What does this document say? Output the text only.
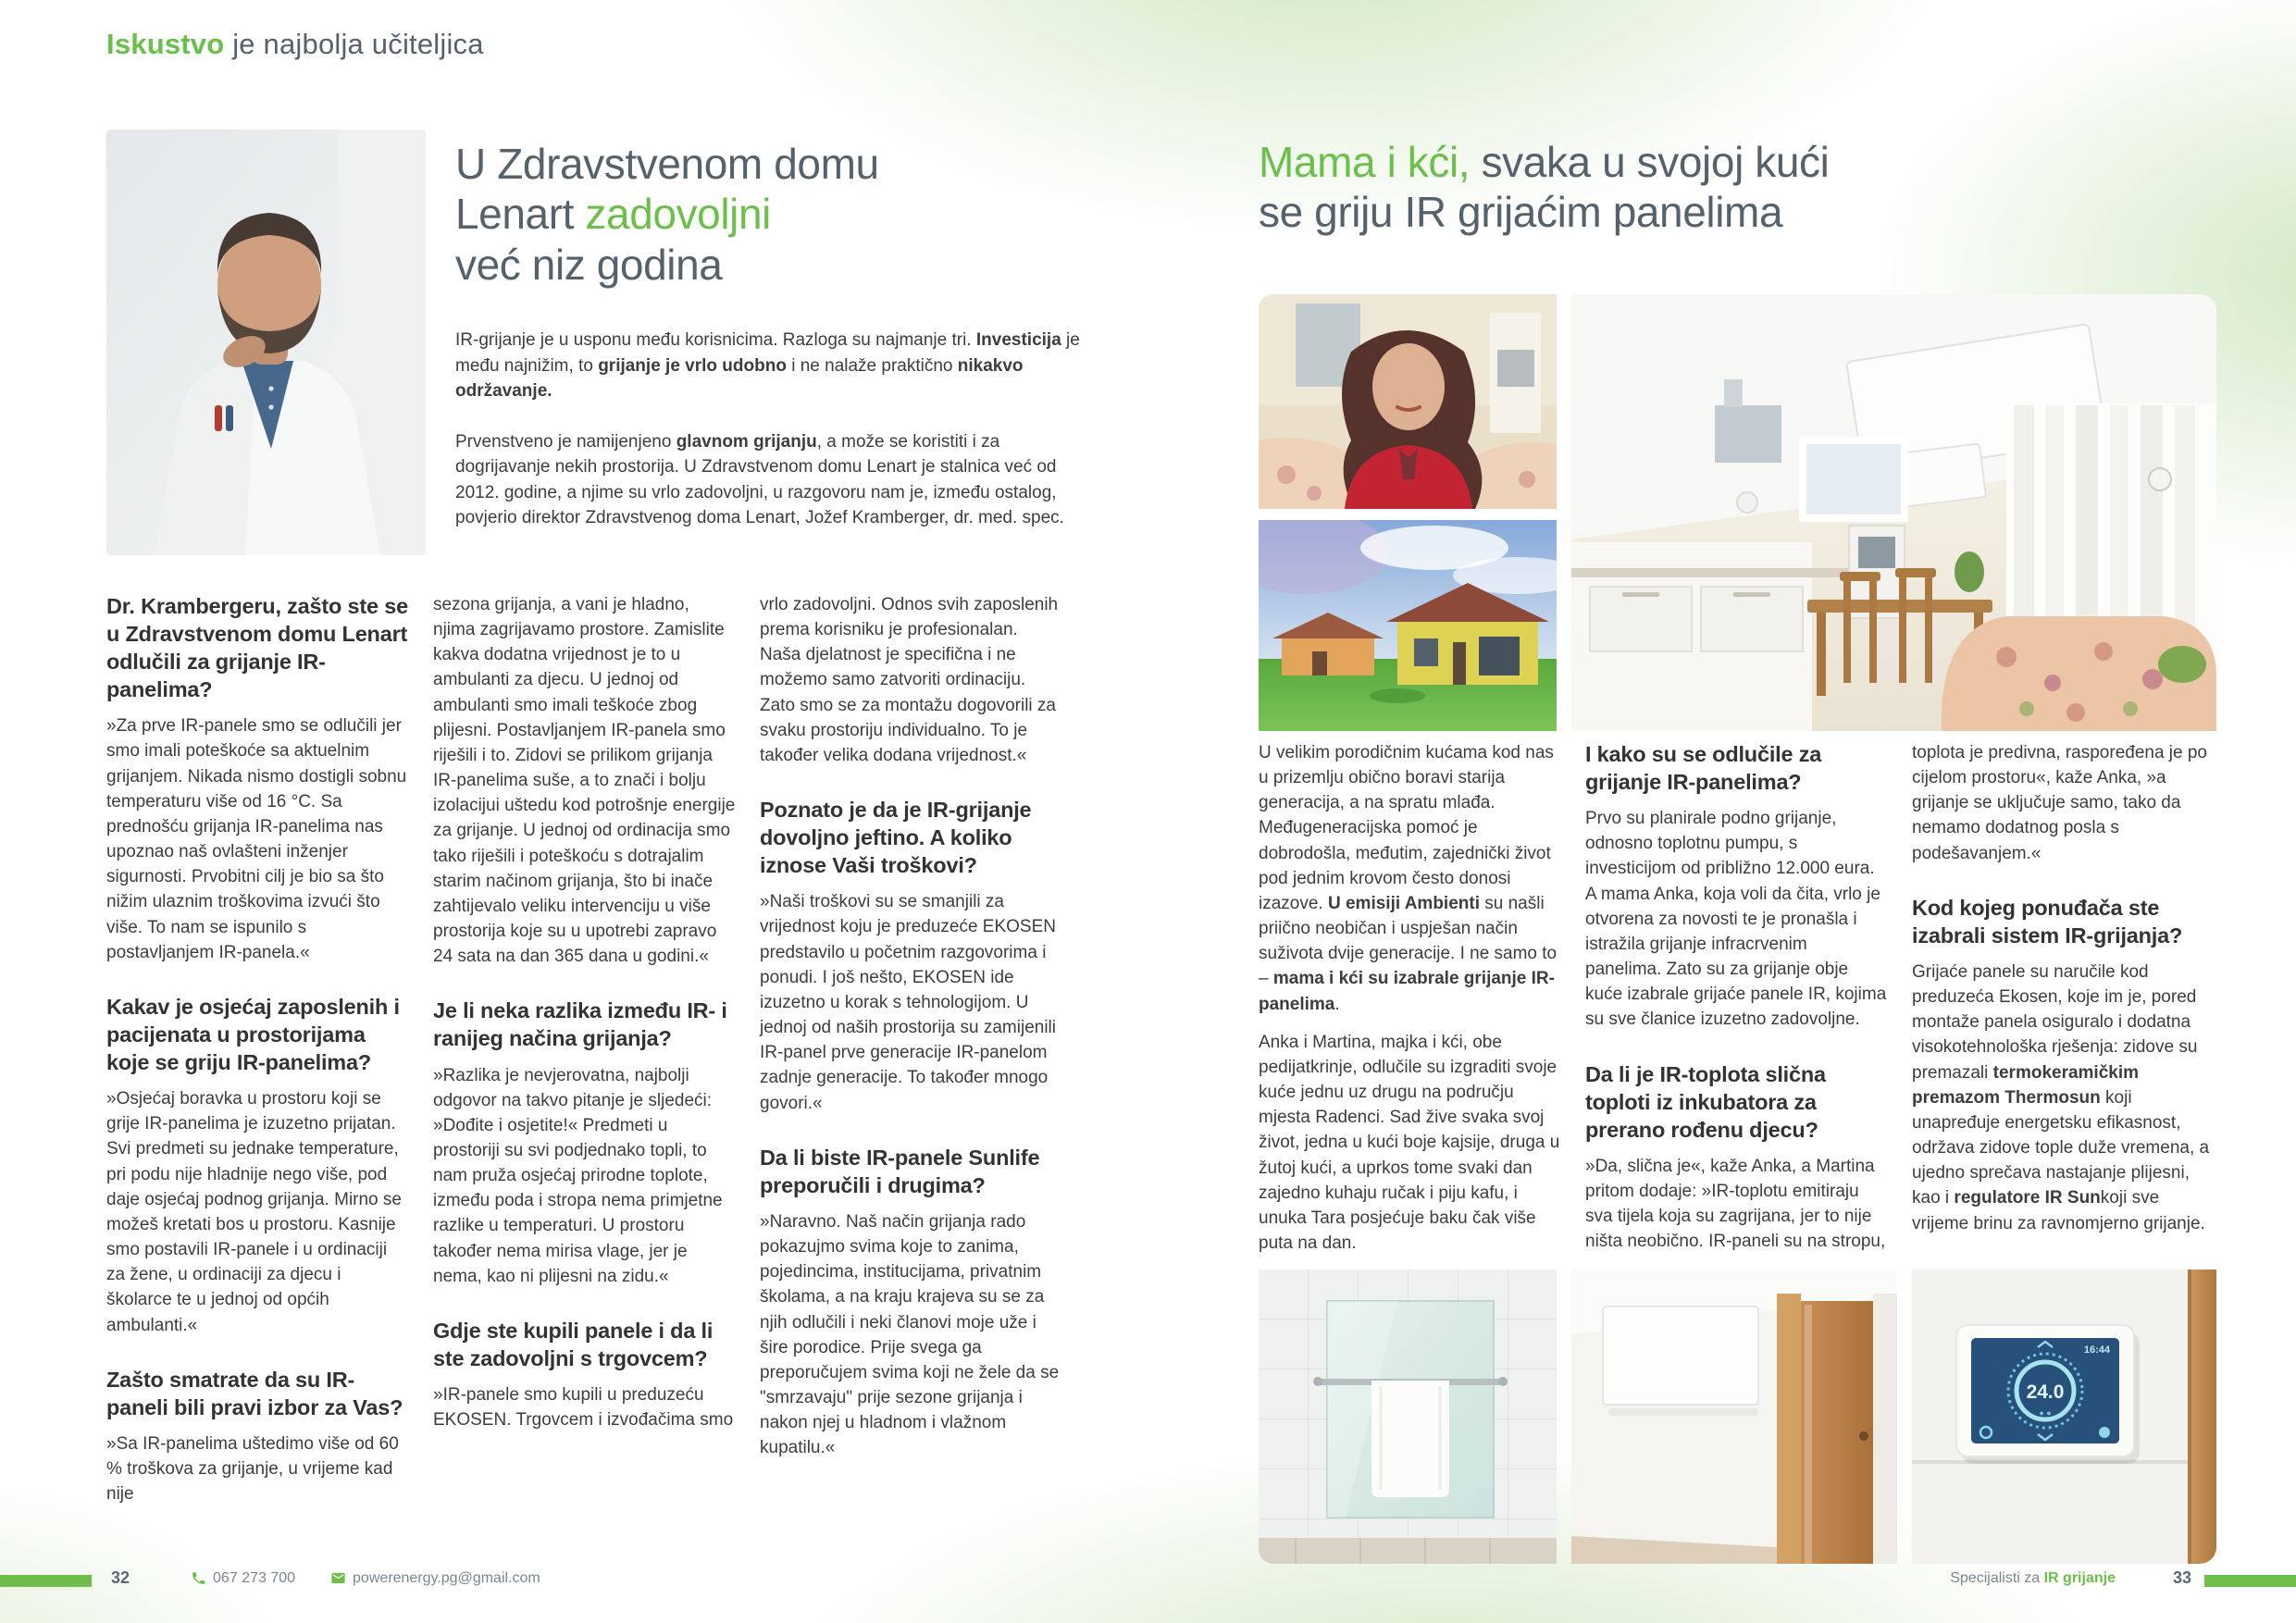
Iskustvo je najbolja učiteljica
U Zdravstvenom domu
Lenart zadovoljni
već niz godina

IR-grijanje je u usponu među korisnicima. Razloga su najmanje tri. Investicija je među najnižim, to grijanje je vrlo udobno i ne nalaže praktično nikakvo održavanje.

Prvenstveno je namijenjeno glavnom grijanju, a može se koristiti i za dogrijavanje nekih prostorija. U Zdravstvenom domu Lenart je stalnica već od 2012. godine, a njime su vrlo zadovoljni, u razgovoru nam je, između ostalog, povjerio direktor Zdravstvenog doma Lenart, Jožef Kramberger, dr. med. spec.

Dr. Krambergeru, zašto ste se u Zdravstvenom domu Lenart odlučili za grijanje IR-panelima?

»Za prve IR-panele smo se odlučili jer smo imali poteškoće sa aktuelnim grijanjem. Nikada nismo dostigli sobnu temperaturu više od 16 °C. Sa prednošću grijanja IR-panelima nas upoznao naš ovlašteni inženjer sigurnosti. Prvobitni cilj je bio sa što nižim ulaznim troškovima izvući što više. To nam se ispunilo s postavljanjem IR-panela.«

Kakav je osjećaj zaposlenih i pacijenata u prostorijama koje se griju IR-panelima?

»Osjećaj boravka u prostoru koji se grije IR-panelima je izuzetno prijatan. Svi predmeti su jednake temperature, pri podu nije hladnije nego više, pod daje osjećaj podnog grijanja. Mirno se možeš kretati bos u prostoru. Kasnije smo postavili IR-panele i u ordinaciji za žene, u ordinaciji za djecu i školarce te u jednoj od općih ambulanti.«

Zašto smatrate da su IR-paneli bili pravi izbor za Vas?

»Sa IR-panelima uštedimo više od 60 % troškova za grijanje, u vrijeme kad nije

sezona grijanja, a vani je hladno, njima zagrijavamo prostore. Zamislite kakva dodatna vrijednost je to u ambulanti za djecu. U jednoj od ambulanti smo imali teškoće zbog plijesni. Postavljanjem IR-panela smo riješili i to. Zidovi se prilikom grijanja IR-panelima suše, a to znači i bolju izolacijui uštedu kod potrošnje energije za grijanje. U jednoj od ordinacija smo tako riješili i poteškoću s dotrajalim starim načinom grijanja, što bi inače zahtijevalo veliku intervenciju u više prostorija koje su u upotrebi zapravo 24 sata na dan 365 dana u godini.«

Je li neka razlika između IR- i ranijeg načina grijanja?

»Razlika je nevjerovatna, najbolji odgovor na takvo pitanje je sljedeći: »Dođite i osjetite!« Predmeti u prostoriji su svi podjednako topli, to nam pruža osjećaj prirodne toplote, između poda i stropa nema primjetne razlike u temperaturi. U prostoru također nema mirisa vlage, jer je nema, kao ni plijesni na zidu.«

Gdje ste kupili panele i da li ste zadovoljni s trgovcem?

»IR-panele smo kupili u preduzeću EKOSEN. Trgovcem i izvođačima smo

vrlo zadovoljni. Odnos svih zaposlenih prema korisniku je profesionalan. Naša djelatnost je specifična i ne možemo samo zatvoriti ordinaciju. Zato smo se za montažu dogovorili za svaku prostoriju individualno. To je također velika dodana vrijednost.«

Poznato je da je IR-grijanje dovoljno jeftino. A koliko iznose Vaši troškovi?

»Naši troškovi su se smanjili za vrijednost koju je preduzeće EKOSEN predstavilo u početnim razgovorima i ponudi. I još nešto, EKOSEN ide izuzetno u korak s tehnologijom. U jednoj od naših prostorija su zamijenili IR-panel prve generacije IR-panelom zadnje generacije. To također mnogo govori.«

Da li biste IR-panele Sunlife preporučili i drugima?

»Naravno. Naš način grijanja rado pokazujmo svima koje to zanima, pojedincima, institucijama, privatnim školama, a na kraju krajeva su se za njih odlučili i neki članovi moje uže i šire porodice. Prije svega ga preporučujem svima koji ne žele da se "smrzavaju" prije sezone grijanja i nakon njej u hladnom i vlažnom kupatilu.«

Mama i kći, svaka u svojoj kući
se griju IR grijaćim panelima

U velikim porodičnim kućama kod nas u prizemlju obično boravi starija generacija, a na spratu mlađa. Međugeneracijska pomoć je dobrodošla, međutim, zajednički život pod jednim krovom često donosi izazove. U emisiji Ambienti su našli priično neobičan i uspješan način suživota dvije generacije. I ne samo to – mama i kći su izabrale grijanje IR-panelima.

Anka i Martina, majka i kći, obe pedijatkrinje, odlučile su izgraditi svoje kuće jednu uz drugu na području mjesta Radenci. Sad žive svaka svoj život, jedna u kući boje kajsije, druga u žutoj kući, a uprkos tome svaki dan zajedno kuhaju ručak i piju kafu, i unuka Tara posjećuje baku čak više puta na dan.

I kako su se odlučile za grijanje IR-panelima?

Prvo su planirale podno grijanje, odnosno toplotnu pumpu, s investicijom od približno 12.000 eura. A mama Anka, koja voli da čita, vrlo je otvorena za novosti te je pronašla i istražila grijanje infracrvenim panelima. Zato su za grijanje obje kuće izabrale grijaće panele IR, kojima su sve članice izuzetno zadovoljne.

Da li je IR-toplota slična toploti iz inkubatora za prerano rođenu djecu?

»Da, slična je«, kaže Anka, a Martina pritom dodaje: »IR-toplotu emitiraju sva tijela koja su zagrijana, jer to nije ništa neobično. IR-paneli su na stropu,

toplota je predivna, raspoređena je po cijelom prostoru«, kaže Anka, »a grijanje se uključuje samo, tako da nemamo dodatnog posla s podešavanjem.«

Kod kojeg ponuđača ste izabrali sistem IR-grijanja?

Grijaće panele su naručile kod preduzeća Ekosen, koje im je, pored montaže panela osiguralo i dodatna visokotehnološka rješenja: zidove su premazali termokeramičkim premazom Thermosun koji unapređuje energetsku efikasnost, održava zidove tople duže vremena, a ujedno sprečava nastajanje plijesni, kao i regulatore IR Sunkoji sve vrijeme brinu za ravnomjerno grijanje.

24.0
16:44
● ●
32	067 273 700	powerenergy.pg@gmail.com	Specijalisti za IR grijanje	33
